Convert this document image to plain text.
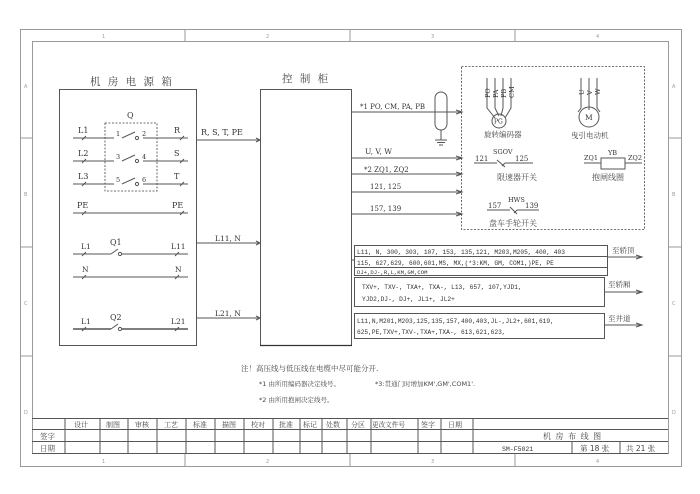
1	2	3	4
1	2	3	4
A
B
C
D
A
B
C
D
机 房 电 源 箱
Q
L1	1	2	R
L2	3	4	S
L3	5	6	T
PE	PE
L1 Q1	L11
N	N
L1 Q2	L21
R, S, T, PE
L11, N
L21, N
控 制 柜
*1 PO, CM, PA, PB
U, V, W
*2 ZQ1, ZQ2
121, 125
157, 139
PG
PO PA PB CM
旋转编码器
M
U V W
曳引电动机
SGOV
121	125
限速器开关
YB
ZQ1	ZQ2
抱闸线圈
HWS
157	139
盘车手轮开关
L11, N, 300, 303, 107, 153, 135,121, M203,M205, 400, 403
115, 627,629, 600,601,MS, MX,(*3:KM, GM, COM1,)PE, PE
DJ+,DJ-,R,L,KM,GM,COM
至轿顶
TXV+, TXV-, TXA+, TXA-, L13, 657, 107,YJD1,
YJD2,DJ-, DJ+, JL1+, JL2+
至轿厢
L11,N,M201,M203,125,135,157,400,403,JL-,JL2+,601,619,
625,PE,TXV+,TXV-,TXA+,TXA-, 613,621,623,
至井道
注！高压线与低压线在电缆中尽可能分开.
*1 由所用编码器决定线号。	*3:贯通门时增加KM',GM',COM1'.
*2 由所用抱闸决定线号。
设计	制图 审核 工艺 标准 描图 校对 批准 标记 处数 分区 更改文件号 签字 日期
签字
日期
机 房 布 线 图
SM-F5021	第 18 张 共 21 张
